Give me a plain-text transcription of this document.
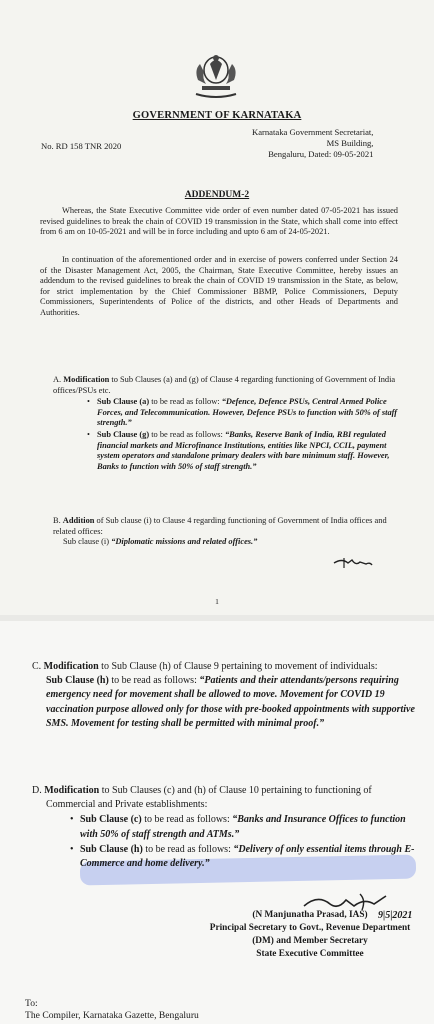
GOVERNMENT OF KARNATAKA
No. RD 158 TNR 2020
Karnataka Government Secretariat,
MS Building,
Bengaluru, Dated: 09-05-2021
ADDENDUM-2
Whereas, the State Executive Committee vide order of even number dated 07-05-2021 has issued revised guidelines to break the chain of COVID 19 transmission in the State, which shall come into effect from 6 am on 10-05-2021 and will be in force including and upto 6 am of 24-05-2021.
In continuation of the aforementioned order and in exercise of powers conferred under Section 24 of the Disaster Management Act, 2005, the Chairman, State Executive Committee, hereby issues an addendum to the revised guidelines to break the chain of COVID 19 transmission in the State, as below, for strict implementation by the Chief Commissioner BBMP, Police Commissioners, Deputy Commissioners, Superintendents of Police of the districts, and other Heads of Departments and Authorities.
A. Modification to Sub Clauses (a) and (g) of Clause 4 regarding functioning of Government of India offices/PSUs etc.
• Sub Clause (a) to be read as follow: “Defence, Defence PSUs, Central Armed Police Forces, and Telecommunication. However, Defence PSUs to function with 50% of staff strength.”
• Sub Clause (g) to be read as follows: “Banks, Reserve Bank of India, RBI regulated financial markets and Microfinance Institutions, entities like NPCI, CCIL, payment system operators and standalone primary dealers with bare minimum staff. However, Banks to function with 50% of staff strength.”
B. Addition of Sub clause (i) to Clause 4 regarding functioning of Government of India offices and related offices:
Sub clause (i) “Diplomatic missions and related offices.”
1
C. Modification to Sub Clause (h) of Clause 9 pertaining to movement of individuals:
Sub Clause (h) to be read as follows: “Patients and their attendants/persons requiring emergency need for movement shall be allowed to move. Movement for COVID 19 vaccination purpose allowed only for those with pre-booked appointments with supportive SMS. Movement for testing shall be permitted with minimal proof.”
D. Modification to Sub Clauses (c) and (h) of Clause 10 pertaining to functioning of Commercial and Private establishments:
• Sub Clause (c) to be read as follows: “Banks and Insurance Offices to function with 50% of staff strength and ATMs.”
• Sub Clause (h) to be read as follows: “Delivery of only essential items through E-Commerce and home delivery.”
(N Manjunatha Prasad, IAS)
Principal Secretary to Govt., Revenue Department
(DM) and Member Secretary
State Executive Committee
9|5|2021
To:
The Compiler, Karnataka Gazette, Bengaluru
